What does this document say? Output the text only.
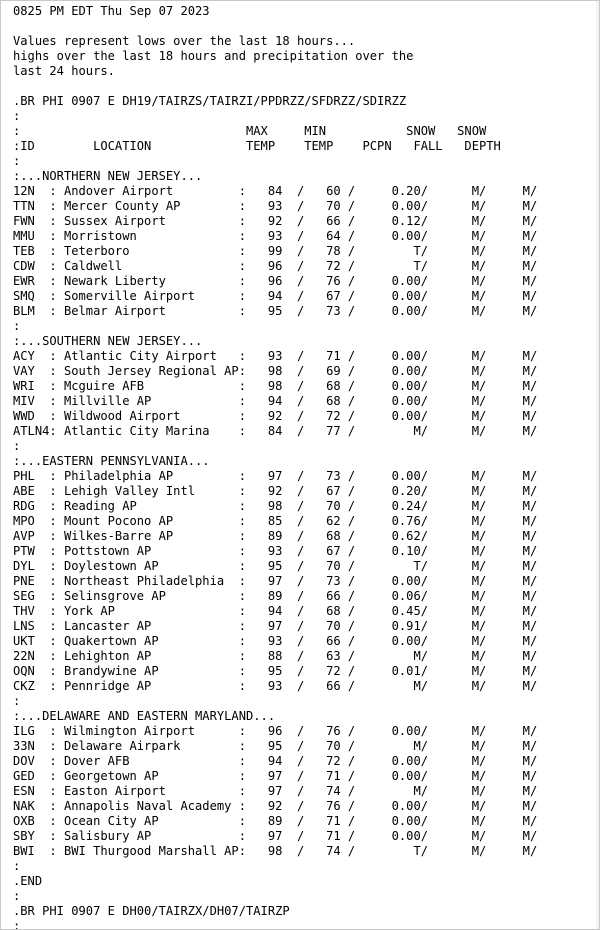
0825 PM EDT Thu Sep 07 2023

Values represent lows over the last 18 hours...
highs over the last 18 hours and precipitation over the
last 24 hours.

.BR PHI 0907 E DH19/TAIRZS/TAIRZI/PPDRZZ/SFDRZZ/SDIRZZ
:
:                               MAX     MIN           SNOW   SNOW
:ID        LOCATION             TEMP    TEMP    PCPN   FALL   DEPTH
:
:...NORTHERN NEW JERSEY...
12N  : Andover Airport         :   84  /   60 /     0.20/      M/     M/
TTN  : Mercer County AP        :   93  /   70 /     0.00/      M/     M/
FWN  : Sussex Airport          :   92  /   66 /     0.12/      M/     M/
MMU  : Morristown              :   93  /   64 /     0.00/      M/     M/
TEB  : Teterboro               :   99  /   78 /        T/      M/     M/
CDW  : Caldwell                :   96  /   72 /        T/      M/     M/
EWR  : Newark Liberty          :   96  /   76 /     0.00/      M/     M/
SMQ  : Somerville Airport      :   94  /   67 /     0.00/      M/     M/
BLM  : Belmar Airport          :   95  /   73 /     0.00/      M/     M/
:
:...SOUTHERN NEW JERSEY...
ACY  : Atlantic City Airport   :   93  /   71 /     0.00/      M/     M/
VAY  : South Jersey Regional AP:   98  /   69 /     0.00/      M/     M/
WRI  : Mcguire AFB             :   98  /   68 /     0.00/      M/     M/
MIV  : Millville AP            :   94  /   68 /     0.00/      M/     M/
WWD  : Wildwood Airport        :   92  /   72 /     0.00/      M/     M/
ATLN4: Atlantic City Marina    :   84  /   77 /        M/      M/     M/
:
:...EASTERN PENNSYLVANIA...
PHL  : Philadelphia AP         :   97  /   73 /     0.00/      M/     M/
ABE  : Lehigh Valley Intl      :   92  /   67 /     0.20/      M/     M/
RDG  : Reading AP              :   98  /   70 /     0.24/      M/     M/
MPO  : Mount Pocono AP         :   85  /   62 /     0.76/      M/     M/
AVP  : Wilkes-Barre AP         :   89  /   68 /     0.62/      M/     M/
PTW  : Pottstown AP            :   93  /   67 /     0.10/      M/     M/
DYL  : Doylestown AP           :   95  /   70 /        T/      M/     M/
PNE  : Northeast Philadelphia  :   97  /   73 /     0.00/      M/     M/
SEG  : Selinsgrove AP          :   89  /   66 /     0.06/      M/     M/
THV  : York AP                 :   94  /   68 /     0.45/      M/     M/
LNS  : Lancaster AP            :   97  /   70 /     0.91/      M/     M/
UKT  : Quakertown AP           :   93  /   66 /     0.00/      M/     M/
22N  : Lehighton AP            :   88  /   63 /        M/      M/     M/
OQN  : Brandywine AP           :   95  /   72 /     0.01/      M/     M/
CKZ  : Pennridge AP            :   93  /   66 /        M/      M/     M/
:
:...DELAWARE AND EASTERN MARYLAND...
ILG  : Wilmington Airport      :   96  /   76 /     0.00/      M/     M/
33N  : Delaware Airpark        :   95  /   70 /        M/      M/     M/
DOV  : Dover AFB               :   94  /   72 /     0.00/      M/     M/
GED  : Georgetown AP           :   97  /   71 /     0.00/      M/     M/
ESN  : Easton Airport          :   97  /   74 /        M/      M/     M/
NAK  : Annapolis Naval Academy :   92  /   76 /     0.00/      M/     M/
OXB  : Ocean City AP           :   89  /   71 /     0.00/      M/     M/
SBY  : Salisbury AP            :   97  /   71 /     0.00/      M/     M/
BWI  : BWI Thurgood Marshall AP:   98  /   74 /        T/      M/     M/
:
.END
:
.BR PHI 0907 E DH00/TAIRZX/DH07/TAIRZP
:
